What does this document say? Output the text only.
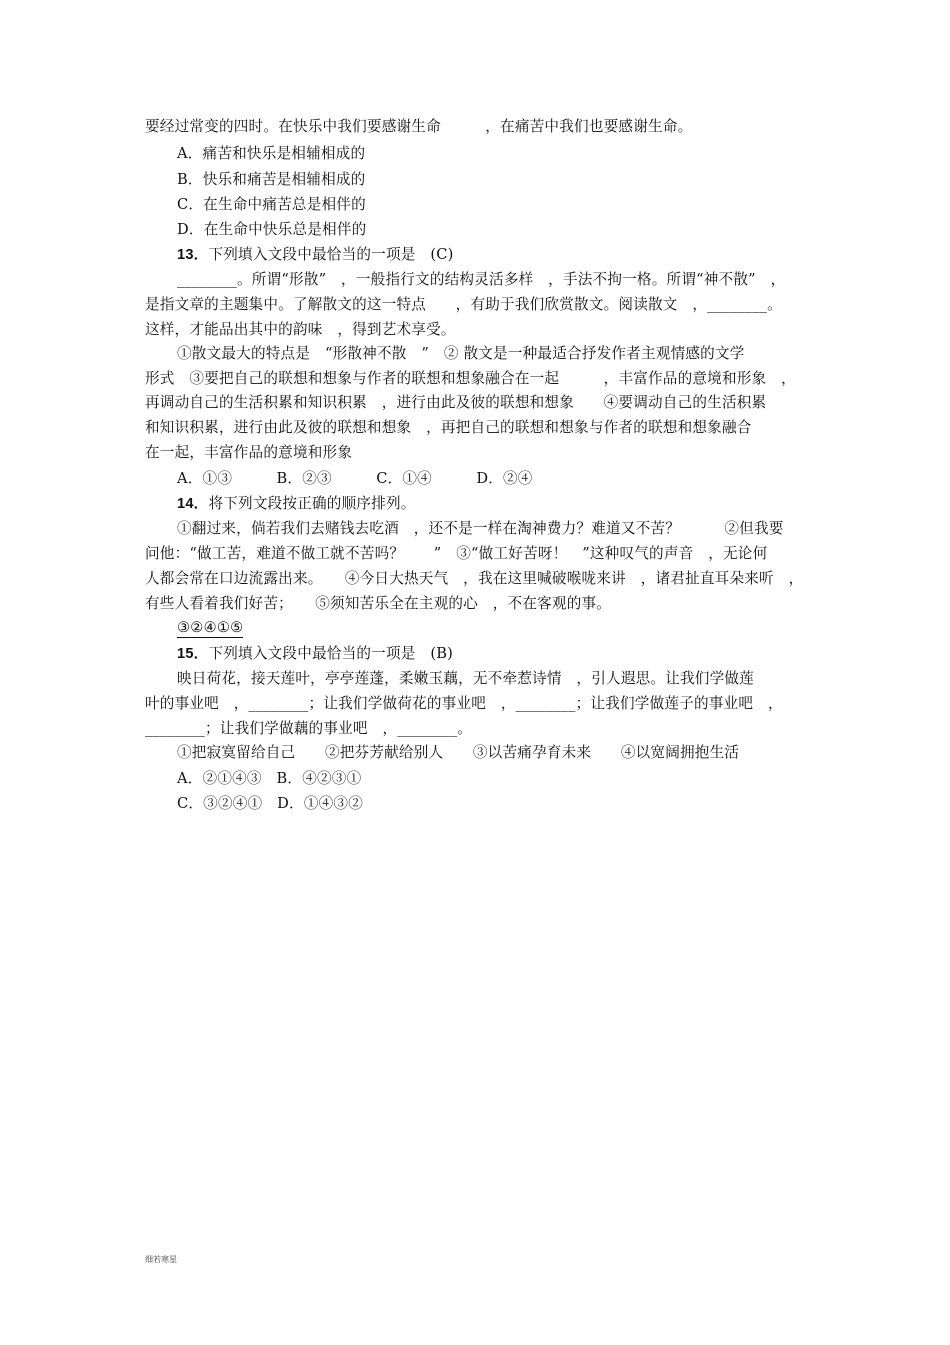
要经过常变的四时。在快乐中我们要感谢生命　　　，在痛苦中我们也要感谢生命。
A．痛苦和快乐是相辅相成的
B．快乐和痛苦是相辅相成的
C．在生命中痛苦总是相伴的
D．在生命中快乐总是相伴的
13．下列填入文段中最恰当的一项是　(C)
________。所谓“形散”　，一般指行文的结构灵活多样　，手法不拘一格。所谓“神不散”　，
是指文章的主题集中。了解散文的这一特点　　，有助于我们欣赏散文。阅读散文　，________。
这样，才能品出其中的韵味　，得到艺术享受。
①散文最大的特点是　“形散神不散　”　② 散文是一种最适合抒发作者主观情感的文学
形式　③要把自己的联想和想象与作者的联想和想象融合在一起　　　，丰富作品的意境和形象　，
再调动自己的生活积累和知识积累　，进行由此及彼的联想和想象　　④要调动自己的生活积累
和知识积累，进行由此及彼的联想和想象　，再把自己的联想和想象与作者的联想和想象融合
在一起，丰富作品的意境和形象
A．①③　　　B．②③　　　C．①④　　　D．②④
14．将下列文段按正确的顺序排列。
①翻过来，倘若我们去赌钱去吃酒　，还不是一样在淘神费力？难道又不苦？　　　②但我要
问他：“做工苦，难道不做工就不苦吗？　　”　③“做工好苦呀！　”这种叹气的声音　，无论何
人都会常在口边流露出来。　　④今日大热天气　，我在这里喊破喉咙来讲　，诸君扯直耳朵来听　，
有些人看着我们好苦；　　⑤须知苦乐全在主观的心　，不在客观的事。
③②④①⑤
15．下列填入文段中最恰当的一项是　(B)
映日荷花，接天莲叶，亭亭莲蓬，柔嫩玉藕，无不牵惹诗情　，引人遐思。让我们学做莲
叶的事业吧　，________；让我们学做荷花的事业吧　，________；让我们学做莲子的事业吧　，
________；让我们学做藕的事业吧　，________。
①把寂寞留给自己　　②把芬芳献给别人　　③以苦痛孕育未来　　④以宽阔拥抱生活
A．②①④③　B．④②③①
C．③②④①　D．①④③②
细若寒星
